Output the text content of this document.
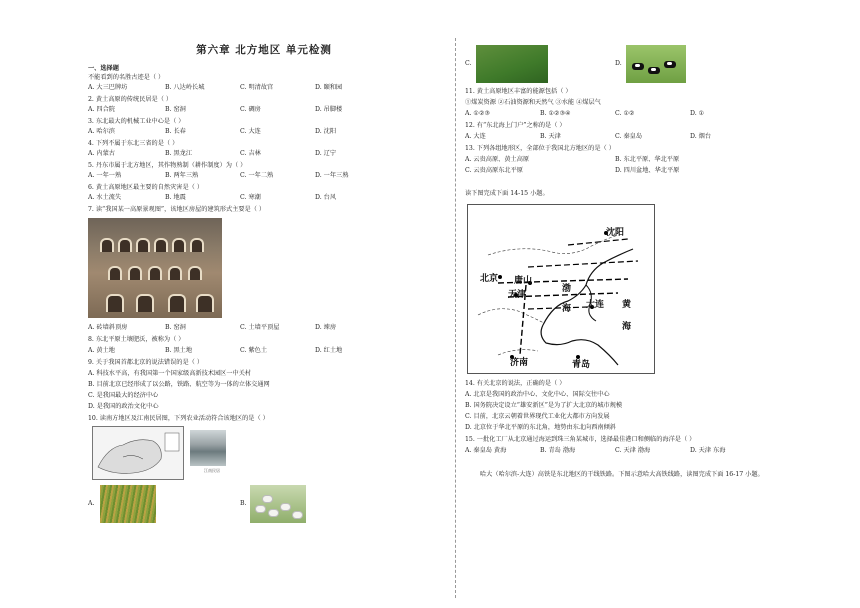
第六章 北方地区 单元检测
一、选择题
不能看到的名胜古迹是（ ）
A. 大三巴牌坊	B. 八达岭长城	C. 明清故宫	D. 颐和园
2. 黄土高原的传统民居是（ ）
A. 四合院	B. 窑洞	C. 碉房	D. 吊脚楼
3. 东北最大的机械工业中心是（ ）
A. 哈尔滨	B. 长春	C. 大连	D. 沈阳
4. 下列不属于东北三省的是（ ）
A. 内蒙古	B. 黑龙江	C. 吉林	D. 辽宁
5. 丹东市属于北方地区，其作物熟制（耕作制度）为（ ）
A. 一年一熟	B. 两年三熟	C. 一年二熟	D. 一年三熟
6. 黄土高原地区最主要的自然灾害是（ ）
A. 水土流失	B. 地震	C. 寒潮	D. 台风
7. 读“我国某一高原景观图”，该地区房屋的建筑形式主要是（ ）
A. 砖墙斜顶房	B. 窑洞	C. 土墙平顶屋	D. 竦房
8. 东北平原土壤肥沃，被称为（ ）
A. 黄土地	B. 黑土地	C. 紫色土	D. 红土地
9. 关于我国首都北京的说法错误的是（ ）
A. 科技水平高，有我国第一个国家级高新技术园区一中关村
B. 目前北京已经形成了以公路，铁路、航空等为一体的立体交通网
C. 是我国最大的经济中心
D. 是我国的政治文化中心
10. 读南方地区及江南民居图，下列农业活动符合该地区的是（ ）
江南民居
A.	B.
C.	D.
11. 黄土高原地区丰富的能源包括（ ）
①煤炭资源 ②石油资源和天然气 ③水能 ④煤层气
A. ①②③	B. ①②③④	C. ①②	D. ①
12. 有“东北海上门户”之称的是（ ）
A. 大连	B. 天津	C. 秦皇岛	D. 烟台
13. 下列各组地形区，全部位于我国北方地区的是（ ）
A. 云贵高原、黄土高原	B. 东北平原、华北平原
C. 云贵高原东北平原	D. 四川盆地、华北平原
读下图完成下面 14-15 小题。
沈阳
北京 唐山
天津
渤
海 大连 黄
海
济南	青岛
14. 有关北京的说法，正确的是（ ）
A. 北京是我国的政治中心、文化中心、国际交往中心
B. 国务院决定设立“雄安新区”是为了扩大北京的城市规模
C. 目前，北京云朝着世界现代工业化大都市方向发展
D. 北京位于华北平原的东北角，地势由东北向西南倾斜
15. 一批化工厂从北京通过海运到珠三角某城市，选择最佳港口和侧临的海洋是（ ）
A. 秦皇岛 黄海	B. 青岛 渤海	C. 天津 渤海	D. 天津 东海
哈大（哈尔滨-大连）高铁是东北地区的干线铁路。下图示意哈大高铁线路，读图完成下面 16-17 小题。
